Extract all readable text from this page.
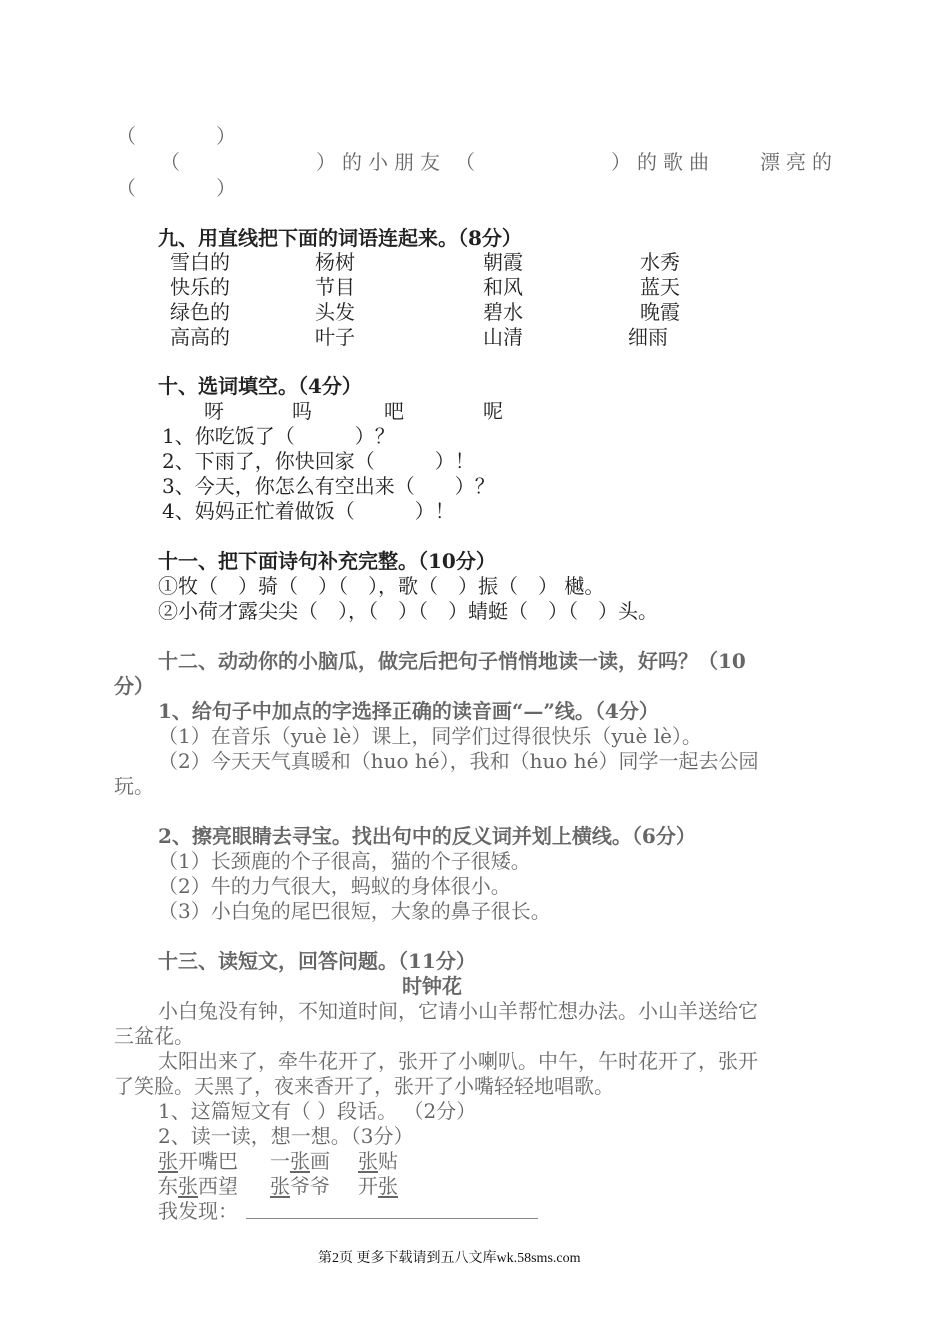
（　　　　）
（　　　　　）的小朋友 （　　　　　）的歌曲 漂亮的
（　　　　）
九、用直线把下面的词语连起来。（8分）
雪白的	杨树	朝霞	水秀
快乐的	节目	和风	蓝天
绿色的	头发	碧水	晚霞
高高的	叶子	山清	细雨
十、选词填空。（4分）
呀	吗	吧	呢
1、你吃饭了（　　　）？
2、下雨了，你快回家（　　　）！
3、今天，你怎么有空出来（　　）？
4、妈妈正忙着做饭（　　　）！
十一、把下面诗句补充完整。（10分）
①牧（　）骑（　）（　），歌（　）振（　） 樾。
②小荷才露尖尖（　），（　）（　）蜻蜓（　）（　）头。
十二、动动你的小脑瓜，做完后把句子悄悄地读一读，好吗？（10
分）
1、给句子中加点的字选择正确的读音画“—”线。（4分）
（1）在音乐（yuè lè）课上，同学们过得很快乐（yuè lè）。
（2）今天天气真暖和（huo hé），我和（huo hé）同学一起去公园
玩。
2、擦亮眼睛去寻宝。找出句中的反义词并划上横线。（6分）
（1）长颈鹿的个子很高，猫的个子很矮。
（2）牛的力气很大，蚂蚁的身体很小。
（3）小白兔的尾巴很短，大象的鼻子很长。
十三、读短文，回答问题。（11分）
时钟花
小白兔没有钟，不知道时间，它请小山羊帮忙想办法。小山羊送给它
三盆花。
太阳出来了，牵牛花开了，张开了小喇叭。中午，午时花开了，张开
了笑脸。天黑了，夜来香开了，张开了小嘴轻轻地唱歌。
1、这篇短文有（ ）段话。 （2分）
2、读一读，想一想。（3分）
张开嘴巴 一张画 张贴
东张西望 张爷爷 开张
我发现：
第2页 更多下载请到五八文库wk.58sms.com
